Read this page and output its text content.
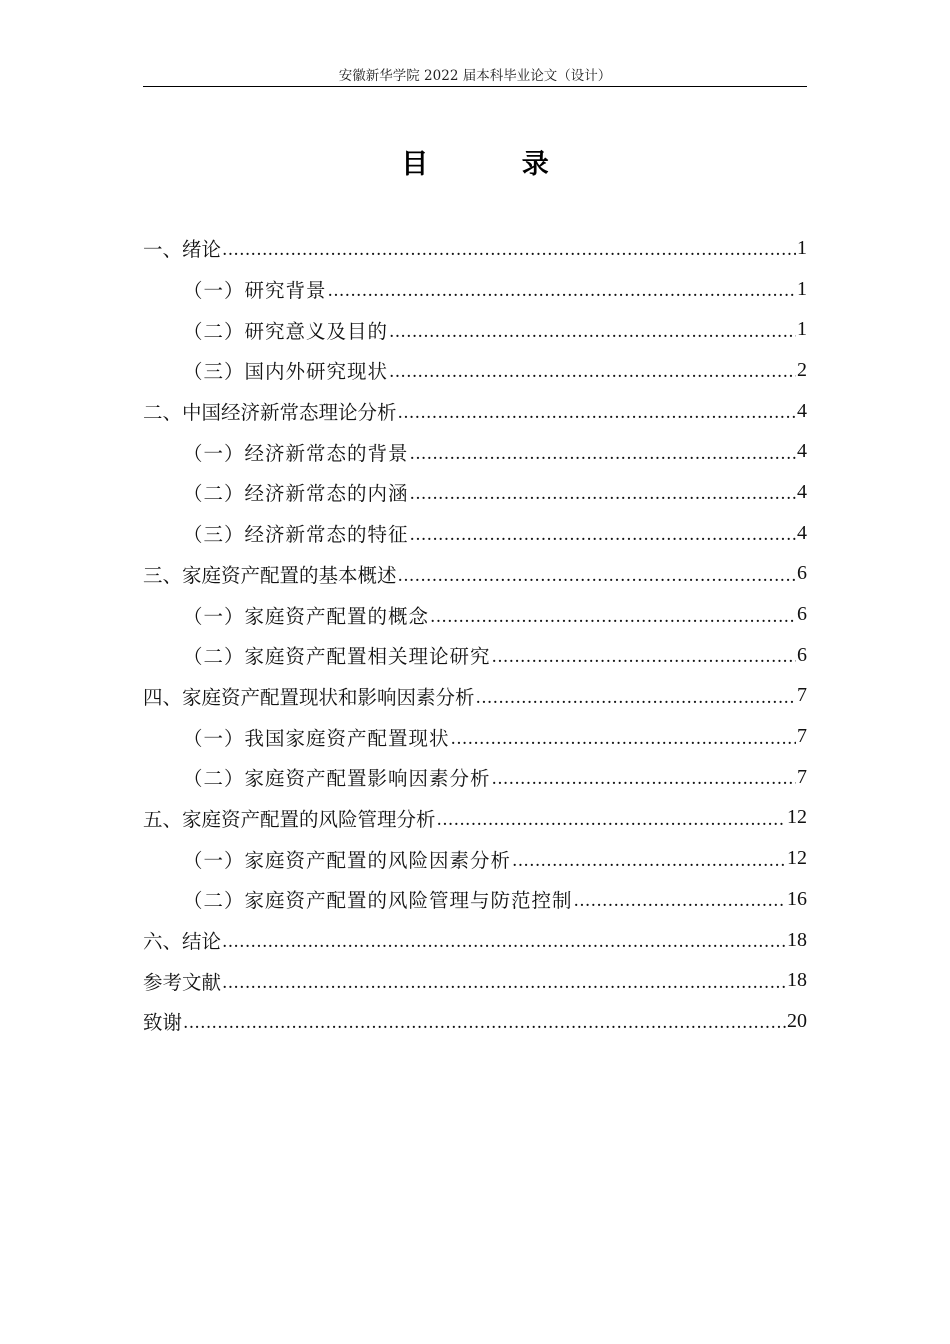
安徽新华学院 2022 届本科毕业论文（设计）
目 录
一、绪论 .....	1
（一）研究背景 .....	1
（二）研究意义及目的 .....	1
（三）国内外研究现状 .....	2
二、中国经济新常态理论分析 .....	4
（一）经济新常态的背景 .....	4
（二）经济新常态的内涵 .....	4
（三）经济新常态的特征 .....	4
三、家庭资产配置的基本概述 .....	6
（一）家庭资产配置的概念 .....	6
（二）家庭资产配置相关理论研究 .....	6
四、家庭资产配置现状和影响因素分析 .....	7
（一）我国家庭资产配置现状 .....	7
（二）家庭资产配置影响因素分析 .....	7
五、家庭资产配置的风险管理分析 .....	12
（一）家庭资产配置的风险因素分析 .....	12
（二）家庭资产配置的风险管理与防范控制 .....	16
六、结论 .....	18
参考文献 .....	18
致谢 .....	20
